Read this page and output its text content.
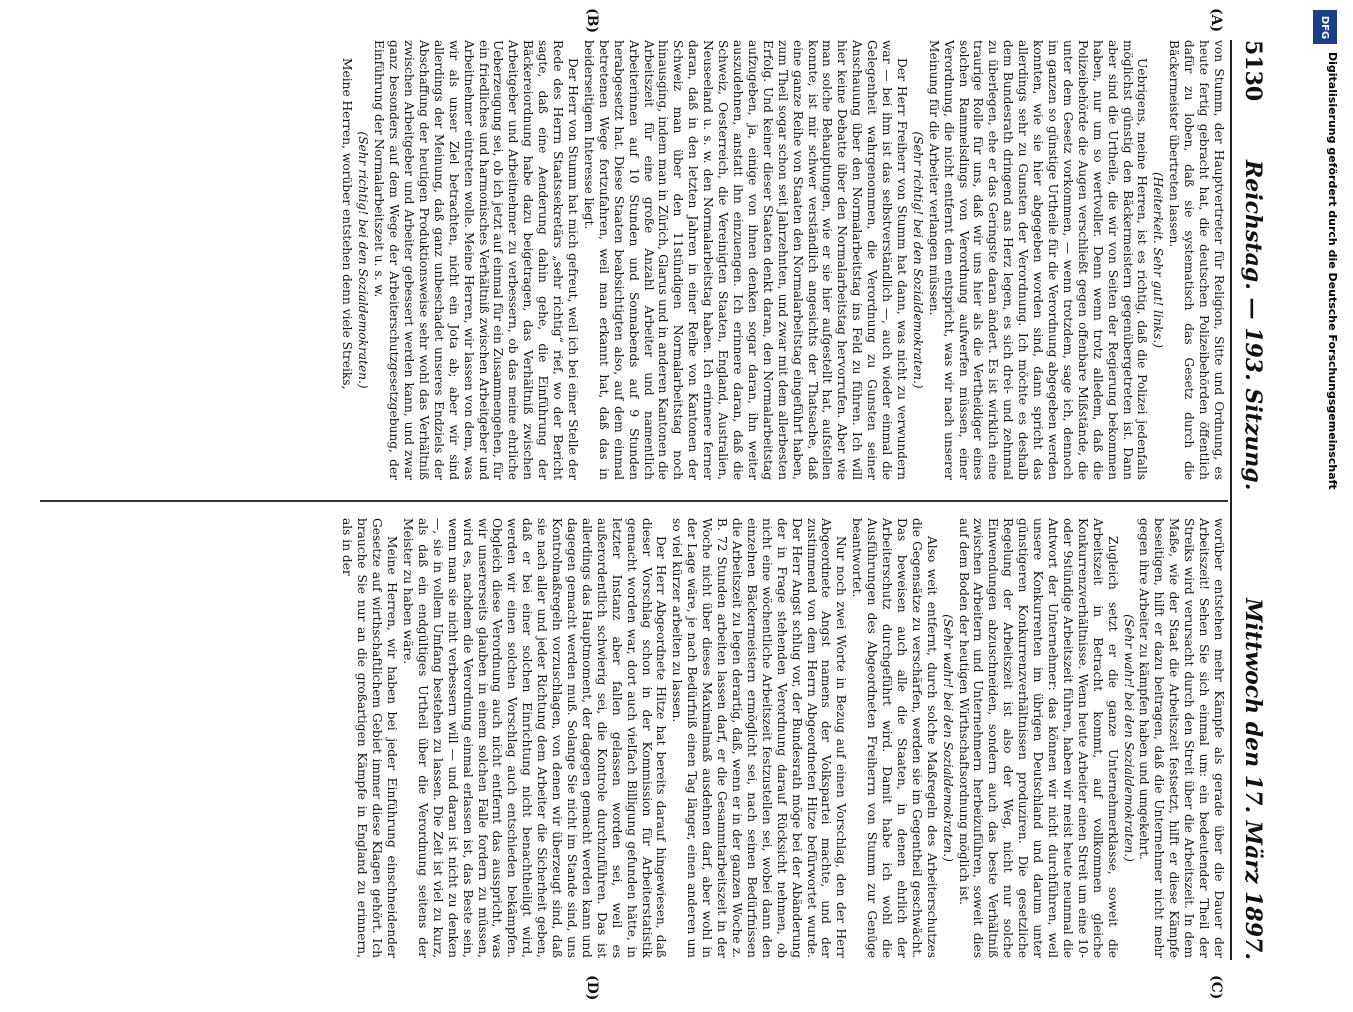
5130
Reichstag. — 193. Sitzung.
Mittwoch den 17. März 1897.
(A)
(B)
(C)
(D)

von Stumm, der Hauptvertreter für Religion, Sitte und Ordnung, es heute fertig gebracht hat, die deutschen Polizeibehörden öffentlich dafür zu loben, daß sie systematisch das Gesetz durch die Bäckermeister übertreten lassen.

(Heiterkeit. Sehr gut! links.)

Uebrigens, meine Herren, ist es richtig, daß die Polizei jedenfalls möglichst günstig den Bäckermeistern gegenübergetreten ist. Dann aber sind die Urtheile, die wir von Seiten der Regierung bekommen haben, nur um so wertvoller. Denn wenn trotz alledem, daß die Polizeibehörde die Augen verschließt gegen offenbare Mißstände, die unter dem Gesetz vorkommen, — wenn trotzdem, sage ich, dennoch im ganzen so günstige Urtheile für die Verordnung abgegeben werden konnten, wie sie hier abgegeben worden sind, dann spricht das allerdings sehr zu Gunsten der Verordnung. Ich möchte es deshalb dem Bundesrath dringend ans Herz legen, es sich drei- und zehnmal zu überlegen, ehe er das Geringste daran ändert. Es ist wirklich eine traurige Rolle für uns, daß wir uns hier als die Vertheidiger eines solchen Rammelsdings von Verordnung aufwerfen müssen, einer Verordnung, die nicht entfernt dem entspricht, was wir nach unserer Meinung für die Arbeiter verlangen müssen.

(Sehr richtig! bei den Sozialdemokraten.)

Der Herr Freiherr von Stumm hat dann, was nicht zu verwundern war — bei ihm ist das selbstverständlich —, auch wieder einmal die Gelegenheit wahrgenommen, die Verordnung zu Gunsten seiner Anschauung über den Normalarbeitstag ins Feld zu führen. Ich will hier keine Debatte über den Normalarbeitstag hervorrufen. Aber wie man solche Behauptungen, wie er sie hier aufgestellt hat, aufstellen konnte, ist mir schwer verständlich angesichts der Thatsache, daß eine ganze Reihe von Staaten den Normalarbeitstag eingeführt haben, zum Theil sogar schon seit Jahrzehnten, und zwar mit dem allerbesten Erfolg. Und keiner dieser Staaten denkt daran, den Normalarbeitstag aufzugeben, ja, einige von ihnen denken sogar daran, ihn weiter auszudehnen, anstatt ihn einzuengen. Ich erinnere daran, daß die Schweiz, Oesterreich, die Vereinigten Staaten, England, Australien, Neuseeland u. s. w. den Normalarbeitstag haben. Ich erinnere ferner daran, daß in den letzten Jahren in einer Reihe von Kantonen der Schweiz man über den 11stündigen Normalarbeitstag noch hinausging, indem man in Zürich, Glarus und in anderen Kantonen die Arbeitszeit für eine große Anzahl Arbeiter und namentlich Arbeiterinnen auf 10 Stunden und Sonnabends auf 9 Stunden herabgesetzt hat. Diese Staaten beabsichtigten also, auf dem einmal betretenen Wege fortzufahren, weil man erkannt hat, daß das in beiderseitigem Interesse liegt.

Der Herr von Stumm hat mich gefreut, weil ich bei einer Stelle der Rede des Herrn Staatssekretärs „sehr richtig“ rief, wo der Bericht sagte, daß eine Aenderung dahin gehe, die Einführung der Bäckereiordnung habe dazu beigetragen, das Verhältniß zwischen Arbeitgeber und Arbeitnehmer zu verbessern, ob das meine ehrliche Ueberzeugung sei, ob ich jetzt auf einmal für ein Zusammengehen, für ein friedliches und harmonisches Verhältniß zwischen Arbeitgeber und Arbeitnehmer eintreten wolle. Meine Herren, wir lassen von dem, was wir als unser Ziel betrachten, nicht ein Jota ab; aber wir sind allerdings der Meinung, daß ganz unbeschadet unseres Endziels der Abschaffung der heutigen Produktionsweise sehr wohl das Verhältniß zwischen Arbeitgeber und Arbeiter gebessert werden kann, und zwar ganz besonders auf dem Wege der Arbeiterschutzgesetzgebung, der Einführung der Normalarbeitszeit u. s. w.

(Sehr richtig! bei den Sozialdemokraten.)

Meine Herren, worüber entstehen denn viele Streiks,

worüber entstehen mehr Kämpfe als gerade über die Dauer der Arbeitszeit! Sehen Sie sich einmal um: ein bedeutender Theil der Streiks wird verursacht durch den Streit über die Arbeitszeit. In dem Maße, wie der Staat die Arbeitszeit festsetzt, hilft er diese Kämpfe beseitigen, hilft er dazu beitragen, daß die Unternehmer nicht mehr gegen ihre Arbeiter zu kämpfen haben und umgekehrt.

(Sehr wahr! bei den Sozialdemokraten.)

Zugleich setzt er die ganze Unternehmerklasse, soweit die Arbeitszeit in Betracht kommt, auf vollkommen gleiche Konkurrenzverhältnisse. Wenn heute Arbeiter einen Streit um eine 10- oder 9stündige Arbeitszeit führen, haben wir meist heute neunmal die Antwort der Unternehmer: das können wir nicht durchführen, weil unsere Konkurrenten im übrigen Deutschland und darum unter günstigeren Konkurrenzverhältnissen produziren. Die gesetzliche Regelung der Arbeitszeit ist also der Weg, nicht nur solche Einwendungen abzuschneiden, sondern auch das beste Verhältniß zwischen Arbeitern und Unternehmern herbeizuführen, soweit dies auf dem Boden der heutigen Wirthschaftsordnung möglich ist.

(Sehr wahr! bei den Sozialdemokraten.)

Also weit entfernt, durch solche Maßregeln des Arbeiterschutzes die Gegensätze zu verschärfen, werden sie im Gegentheil geschwächt. Das beweisen auch alle die Staaten, in denen ehrlich der Arbeiterschutz durchgeführt wird. Damit habe ich wohl die Ausführungen des Abgeordneten Freiherrn von Stumm zur Genüge beantwortet.

Nur noch zwei Worte in Bezug auf einen Vorschlag, den der Herr Abgeordnete Angst namens der Volkspartei machte, und der zustimmend von dem Herrn Abgeordneten Hitze befürwortet wurde. Der Herr Angst schlug vor, der Bundesrath möge bei der Abänderung der in Frage stehenden Verordnung darauf Rücksicht nehmen, ob nicht eine wöchentliche Arbeitszeit festzustellen sei, wobei dann den einzelnen Bäckermeistern ermöglicht sei, nach seinen Bedürfnissen die Arbeitszeit zu legen derartig, daß, wenn er in der ganzen Woche z. B. 72 Stunden arbeiten lassen darf, er die Gesammtarbeitszeit in der Woche nicht über dieses Maximalmaß ausdehnen darf, aber wohl in der Lage wäre, je nach Bedürfniß einen Tag länger, einen anderen um so viel kürzer arbeiten zu lassen.

Der Herr Abgeordnete Hitze hat bereits darauf hingewiesen, daß dieser Vorschlag schon in der Kommission für Arbeiterstatistik gemacht worden war, dort auch vielfach Billigung gefunden hätte, in letzter Instanz aber fallen gelassen worden sei, weil es außerordentlich schwierig sei, die Kontrole durchzuführen. Das ist allerdings das Hauptmoment, der dagegen gemacht werden kann und dagegen gemacht werden muß. Solange Sie nicht im Stande sind, uns Kontrolmaßregeln vorzuschlagen, von denen wir überzeugt sind, daß sie nach aller und jeder Richtung dem Arbeiter die Sicherheit geben, daß er bei einer solchen Einrichtung nicht benachtheiligt wird, werden wir einen solchen Vorschlag auch entschieden bekämpfen. Obgleich diese Verordnung auch nicht entfernt das ausspricht, was wir unsererseits glauben in einem solchen Falle fordern zu müssen, wird es, nachdem die Verordnung einmal erlassen ist, das Beste sein, wenn man sie nicht verbessern will — und daran ist nicht zu denken —, sie in vollem Umfang bestehen zu lassen. Die Zeit ist viel zu kurz, als daß ein endgültiges Urtheil über die Verordnung seitens der Meister zu haben wäre.

Meine Herren, wir haben bei jeder Einführung einschneidender Gesetze auf wirthschaftlichem Gebiet immer diese Klagen gehört. Ich brauche Sie nur an die großartigen Kämpfe in England zu erinnern, als in der

DFG
Digitalisierung gefördert durch die Deutsche Forschungsgemeinschaft
